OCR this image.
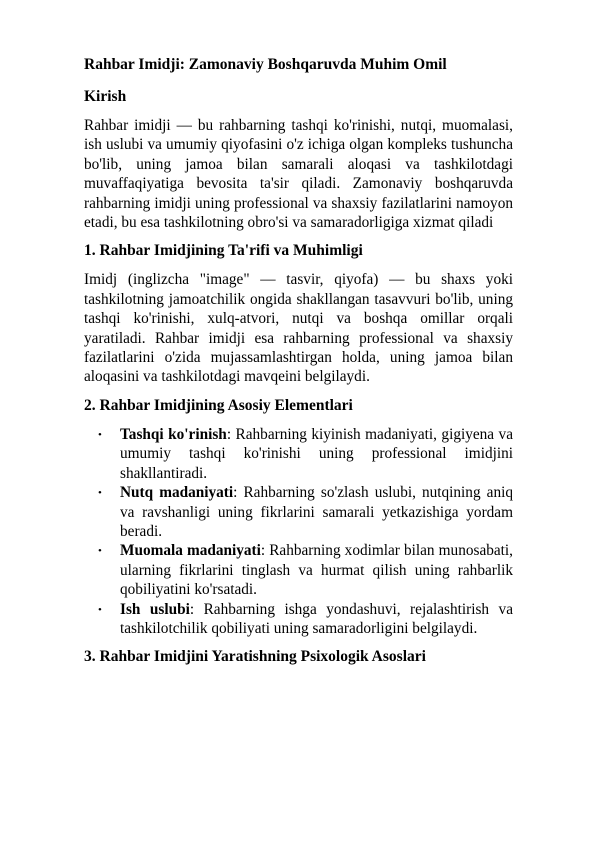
Rahbar Imidji: Zamonaviy Boshqaruvda Muhim Omil
Kirish

Rahbar imidji — bu rahbarning tashqi ko'rinishi, nutqi, muomalasi, ish uslubi va umumiy qiyofasini o'z ichiga olgan kompleks tushuncha bo'lib, uning jamoa bilan samarali aloqasi va tashkilotdagi muvaffaqiyatiga bevosita ta'sir qiladi. Zamonaviy boshqaruvda rahbarning imidji uning professional va shaxsiy fazilatlarini namoyon etadi, bu esa tashkilotning obro'si va samaradorligiga xizmat qiladi

1. Rahbar Imidjining Ta'rifi va Muhimligi

Imidj (inglizcha "image" — tasvir, qiyofa) — bu shaxs yoki tashkilotning jamoatchilik ongida shakllangan tasavvuri bo'lib, uning tashqi ko'rinishi, xulq-atvori, nutqi va boshqa omillar orqali yaratiladi. Rahbar imidji esa rahbarning professional va shaxsiy fazilatlarini o'zida mujassamlashtirgan holda, uning jamoa bilan aloqasini va tashkilotdagi mavqeini belgilaydi.

2. Rahbar Imidjining Asosiy Elementlari
• Tashqi ko'rinish: Rahbarning kiyinish madaniyati, gigiyena va umumiy tashqi ko'rinishi uning professional imidjini shakllantiradi.
• Nutq madaniyati: Rahbarning so'zlash uslubi, nutqining aniq va ravshanligi uning fikrlarini samarali yetkazishiga yordam beradi.
• Muomala madaniyati: Rahbarning xodimlar bilan munosabati, ularning fikrlarini tinglash va hurmat qilish uning rahbarlik qobiliyatini ko'rsatadi.
• Ish uslubi: Rahbarning ishga yondashuvi, rejalashtirish va tashkilotchilik qobiliyati uning samaradorligini belgilaydi.
3. Rahbar Imidjini Yaratishning Psixologik Asoslari
